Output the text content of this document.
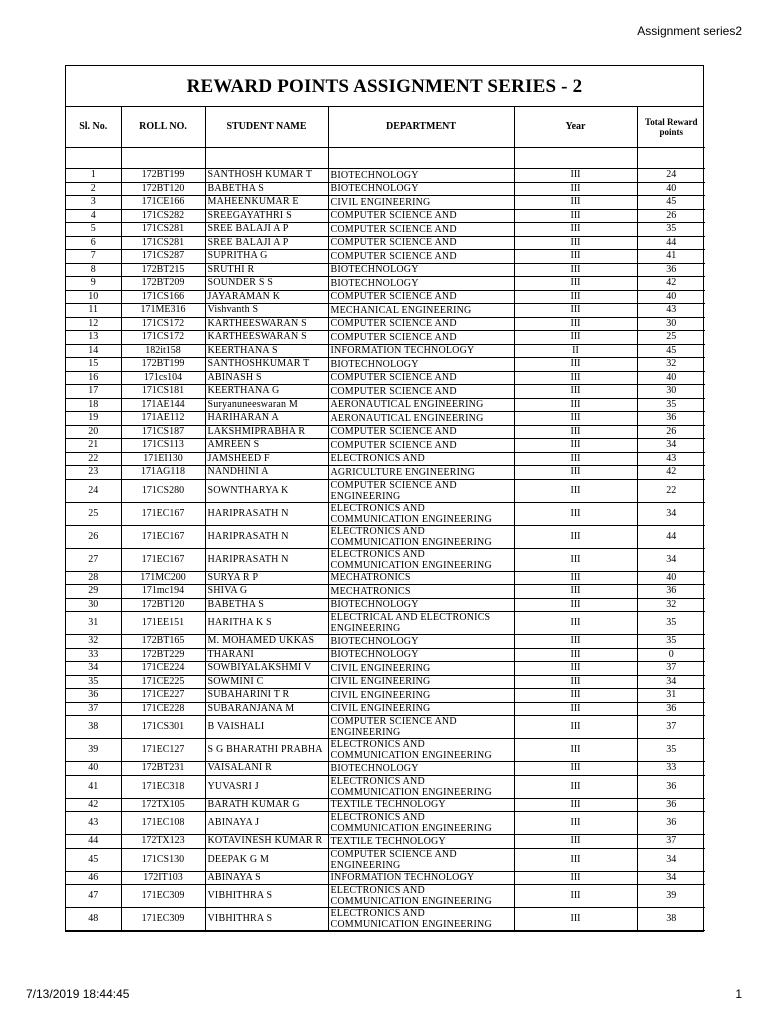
Assignment series2
REWARD POINTS ASSIGNMENT SERIES - 2
Sl. No.	ROLL NO.	STUDENT NAME	DEPARTMENT	Year	Total Reward points

1	172BT199	SANTHOSH KUMAR T	BIOTECHNOLOGY	III	24
2	172BT120	BABETHA S	BIOTECHNOLOGY	III	40
3	171CE166	MAHEENKUMAR E	CIVIL ENGINEERING	III	45
4	171CS282	SREEGAYATHRI S	COMPUTER SCIENCE AND	III	26
5	171CS281	SREE BALAJI A P	COMPUTER SCIENCE AND	III	35
6	171CS281	SREE BALAJI A P	COMPUTER SCIENCE AND	III	44
7	171CS287	SUPRITHA G	COMPUTER SCIENCE AND	III	41
8	172BT215	SRUTHI R	BIOTECHNOLOGY	III	36
9	172BT209	SOUNDER S S	BIOTECHNOLOGY	III	42
10	171CS166	JAYARAMAN K	COMPUTER SCIENCE AND	III	40
11	171ME316	Vishvanth S	MECHANICAL ENGINEERING	III	43
12	171CS172	KARTHEESWARAN S	COMPUTER SCIENCE AND	III	30
13	171CS172	KARTHEESWARAN S	COMPUTER SCIENCE AND	III	25
14	182it158	KEERTHANA S	INFORMATION TECHNOLOGY	II	45
15	172BT199	SANTHOSHKUMAR T	BIOTECHNOLOGY	III	32
16	171cs104	ABINASH S	COMPUTER SCIENCE AND	III	40
17	171CS181	KEERTHANA G	COMPUTER SCIENCE AND	III	30
18	171AE144	Suryanuneeswaran M	AERONAUTICAL ENGINEERING	III	35
19	171AE112	HARIHARAN A	AERONAUTICAL ENGINEERING	III	36
20	171CS187	LAKSHMIPRABHA R	COMPUTER SCIENCE AND	III	26
21	171CS113	AMREEN S	COMPUTER SCIENCE AND	III	34
22	171EI130	JAMSHEED F	ELECTRONICS AND	III	43
23	171AG118	NANDHINI A	AGRICULTURE ENGINEERING	III	42
24	171CS280	SOWNTHARYA K	COMPUTER SCIENCE AND ENGINEERING	III	22
25	171EC167	HARIPRASATH N	ELECTRONICS AND COMMUNICATION ENGINEERING	III	34
26	171EC167	HARIPRASATH N	ELECTRONICS AND COMMUNICATION ENGINEERING	III	44
27	171EC167	HARIPRASATH N	ELECTRONICS AND COMMUNICATION ENGINEERING	III	34
28	171MC200	SURYA R P	MECHATRONICS	III	40
29	171mc194	SHIVA G	MECHATRONICS	III	36
30	172BT120	BABETHA S	BIOTECHNOLOGY	III	32
31	171EE151	HARITHA K S	ELECTRICAL AND ELECTRONICS ENGINEERING	III	35
32	172BT165	M. MOHAMED UKKAS	BIOTECHNOLOGY	III	35
33	172BT229	THARANI	BIOTECHNOLOGY	III	0
34	171CE224	SOWBIYALAKSHMI V	CIVIL ENGINEERING	III	37
35	171CE225	SOWMINI C	CIVIL ENGINEERING	III	34
36	171CE227	SUBAHARINI T R	CIVIL ENGINEERING	III	31
37	171CE228	SUBARANJANA M	CIVIL ENGINEERING	III	36
38	171CS301	B VAISHALI	COMPUTER SCIENCE AND ENGINEERING	III	37
39	171EC127	S G BHARATHI PRABHA	ELECTRONICS AND COMMUNICATION ENGINEERING	III	35
40	172BT231	VAISALANI R	BIOTECHNOLOGY	III	33
41	171EC318	YUVASRI J	ELECTRONICS AND COMMUNICATION ENGINEERING	III	36
42	172TX105	BARATH KUMAR G	TEXTILE TECHNOLOGY	III	36
43	171EC108	ABINAYA J	ELECTRONICS AND COMMUNICATION ENGINEERING	III	36
44	172TX123	KOTAVINESH KUMAR R	TEXTILE TECHNOLOGY	III	37
45	171CS130	DEEPAK G M	COMPUTER SCIENCE AND ENGINEERING	III	34
46	172IT103	ABINAYA S	INFORMATION TECHNOLOGY	III	34
47	171EC309	VIBHITHRA S	ELECTRONICS AND COMMUNICATION ENGINEERING	III	39
48	171EC309	VIBHITHRA S	ELECTRONICS AND COMMUNICATION ENGINEERING	III	38
7/13/2019 18:44:45	1
